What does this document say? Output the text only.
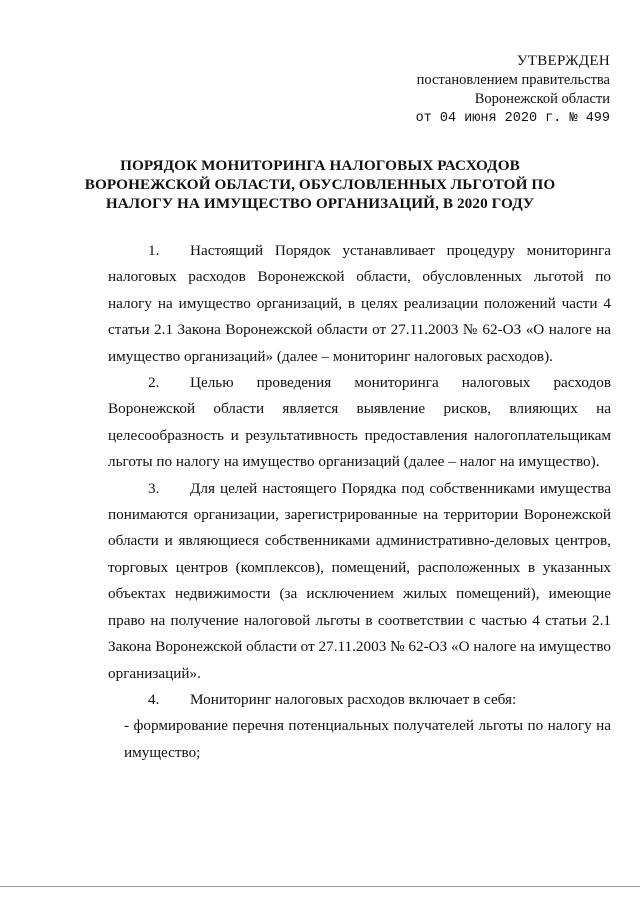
УТВЕРЖДЕН
постановлением правительства
Воронежской области
от 04 июня 2020 г. № 499
ПОРЯДОК МОНИТОРИНГА НАЛОГОВЫХ РАСХОДОВ
ВОРОНЕЖСКОЙ ОБЛАСТИ, ОБУСЛОВЛЕННЫХ ЛЬГОТОЙ ПО
НАЛОГУ НА ИМУЩЕСТВО ОРГАНИЗАЦИЙ, В 2020 ГОДУ

1. Настоящий Порядок устанавливает процедуру мониторинга налоговых расходов Воронежской области, обусловленных льготой по налогу на имущество организаций, в целях реализации положений части 4 статьи 2.1 Закона Воронежской области от 27.11.2003 № 62-ОЗ «О налоге на имущество организаций» (далее – мониторинг налоговых расходов).

2. Целью проведения мониторинга налоговых расходов Воронежской области является выявление рисков, влияющих на целесообразность и результативность предоставления налогоплательщикам льготы по налогу на имущество организаций (далее – налог на имущество).

3. Для целей настоящего Порядка под собственниками имущества понимаются организации, зарегистрированные на территории Воронежской области и являющиеся собственниками административно-деловых центров, торговых центров (комплексов), помещений, расположенных в указанных объектах недвижимости (за исключением жилых помещений), имеющие право на получение налоговой льготы в соответствии с частью 4 статьи 2.1 Закона Воронежской области от 27.11.2003 № 62-ОЗ «О налоге на имущество организаций».

4. Мониторинг налоговых расходов включает в себя:

- формирование перечня потенциальных получателей льготы по налогу на имущество;
